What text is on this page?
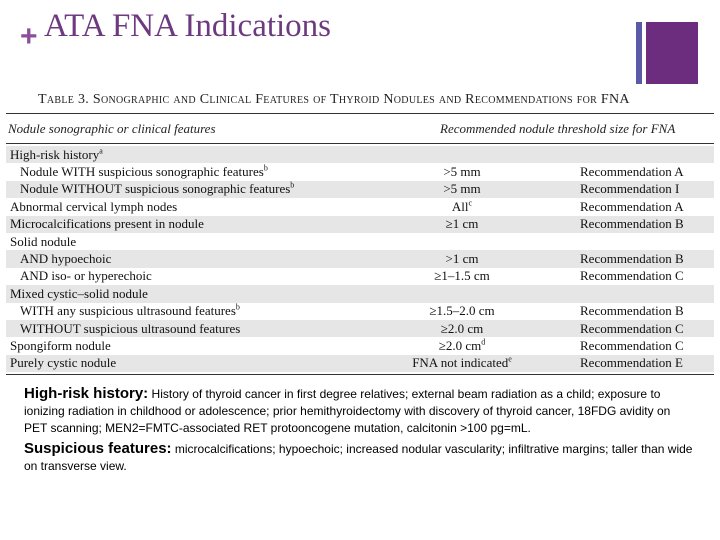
+ ATA FNA Indications
Table 3. Sonographic and Clinical Features of Thyroid Nodules and Recommendations for FNA
Nodule sonographic or clinical features	Recommended nodule threshold size for FNA
High-risk history$^a$		
Nodule WITH suspicious sonographic features$^b$	>5 mm	Recommendation A
Nodule WITHOUT suspicious sonographic features$^b$	>5 mm	Recommendation I
Abnormal cervical lymph nodes	All$^c$	Recommendation A
Microcalcifications present in nodule	≥1 cm	Recommendation B
Solid nodule		
AND hypoechoic	>1 cm	Recommendation B
AND iso- or hyperechoic	≥1–1.5 cm	Recommendation C
Mixed cystic–solid nodule		
WITH any suspicious ultrasound features$^b$	≥1.5–2.0 cm	Recommendation B
WITHOUT suspicious ultrasound features	≥2.0 cm	Recommendation C
Spongiform nodule	≥2.0 $cm^d$	Recommendation C
Purely cystic nodule	FNA not indicated$^e$	Recommendation E

High-risk history: History of thyroid cancer in first degree relatives; external beam radiation as a child; exposure to ionizing radiation in childhood or adolescence; prior hemithyroidectomy with discovery of thyroid cancer, 18FDG avidity on PET scanning; MEN2=FMTC-associated RET protooncogene mutation, calcitonin >100 pg=mL.

Suspicious features: microcalcifications; hypoechoic; increased nodular vascularity; infiltrative margins; taller than wide on transverse view.
